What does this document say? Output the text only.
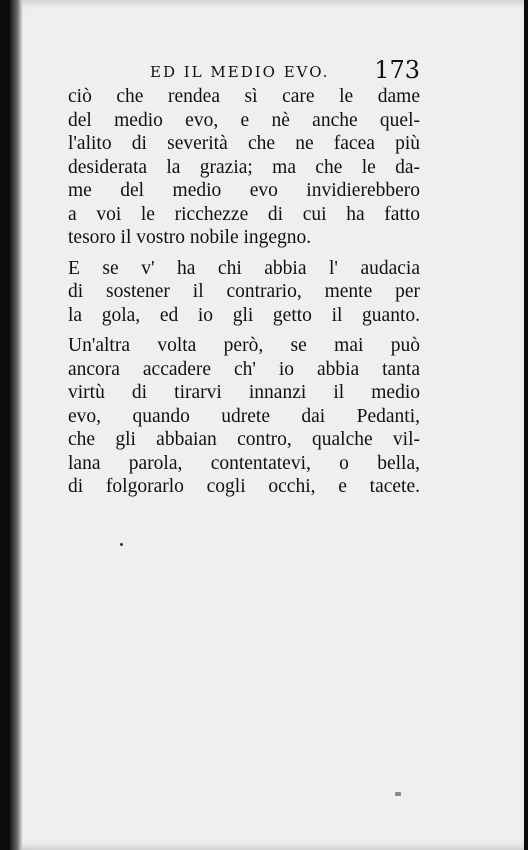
ED IL MEDIO EVO. 173
ciò che rendea sì care le dame
del medio evo, e nè anche quel-
l'alito di severità che ne facea più
desiderata la grazia; ma che le da-
me del medio evo invidierebbero
a voi le ricchezze di cui ha fatto
tesoro il vostro nobile ingegno.
E se v' ha chi abbia l' audacia
di sostener il contrario, mente per
la gola, ed io gli getto il guanto.
Un'altra volta però, se mai può
ancora accadere ch' io abbia tanta
virtù di tirarvi innanzi il medio
evo, quando udrete dai Pedanti,
che gli abbaian contro, qualche vil-
lana parola, contentatevi, o bella,
di folgorarlo cogli occhi, e tacete.
